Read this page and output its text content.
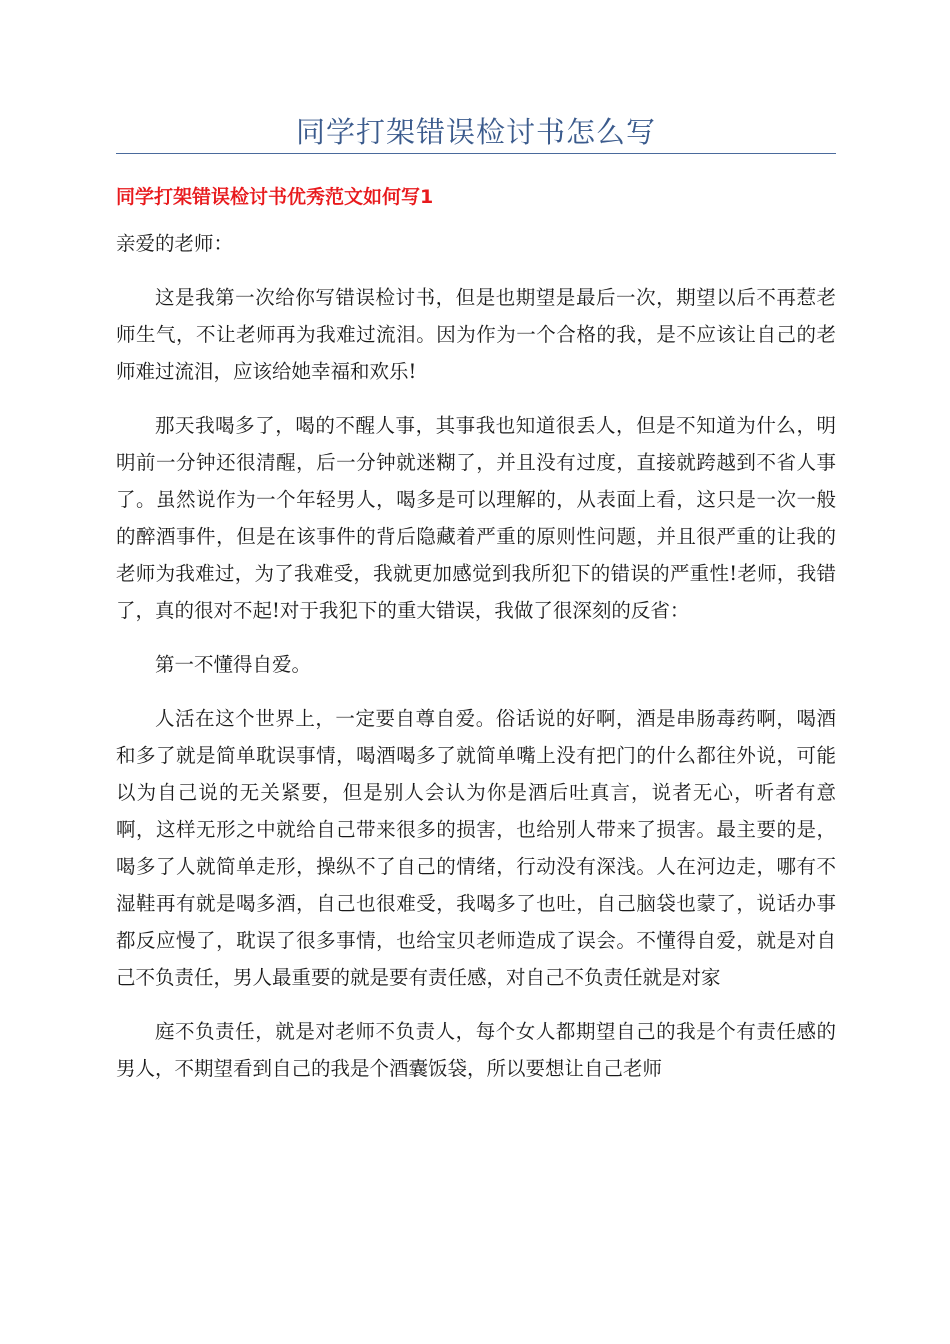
同学打架错误检讨书怎么写
同学打架错误检讨书优秀范文如何写1
亲爱的老师：
这是我第一次给你写错误检讨书，但是也期望是最后一次，期望以后不再惹老师生气，不让老师再为我难过流泪。因为作为一个合格的我，是不应该让自己的老师难过流泪，应该给她幸福和欢乐!
那天我喝多了，喝的不醒人事，其事我也知道很丢人，但是不知道为什么，明明前一分钟还很清醒，后一分钟就迷糊了，并且没有过度，直接就跨越到不省人事了。虽然说作为一个年轻男人，喝多是可以理解的，从表面上看，这只是一次一般的醉酒事件，但是在该事件的背后隐藏着严重的原则性问题，并且很严重的让我的老师为我难过，为了我难受，我就更加感觉到我所犯下的错误的严重性!老师，我错了，真的很对不起!对于我犯下的重大错误，我做了很深刻的反省：
第一不懂得自爱。
人活在这个世界上，一定要自尊自爱。俗话说的好啊，酒是串肠毒药啊，喝酒和多了就是简单耽误事情，喝酒喝多了就简单嘴上没有把门的什么都往外说，可能以为自己说的无关紧要，但是别人会认为你是酒后吐真言，说者无心，听者有意啊，这样无形之中就给自己带来很多的损害，也给别人带来了损害。最主要的是，喝多了人就简单走形，操纵不了自己的情绪，行动没有深浅。人在河边走，哪有不湿鞋再有就是喝多酒，自己也很难受，我喝多了也吐，自己脑袋也蒙了，说话办事都反应慢了，耽误了很多事情，也给宝贝老师造成了误会。不懂得自爱，就是对自己不负责任，男人最重要的就是要有责任感，对自己不负责任就是对家
庭不负责任，就是对老师不负责人，每个女人都期望自己的我是个有责任感的男人，不期望看到自己的我是个酒囊饭袋，所以要想让自己老师
